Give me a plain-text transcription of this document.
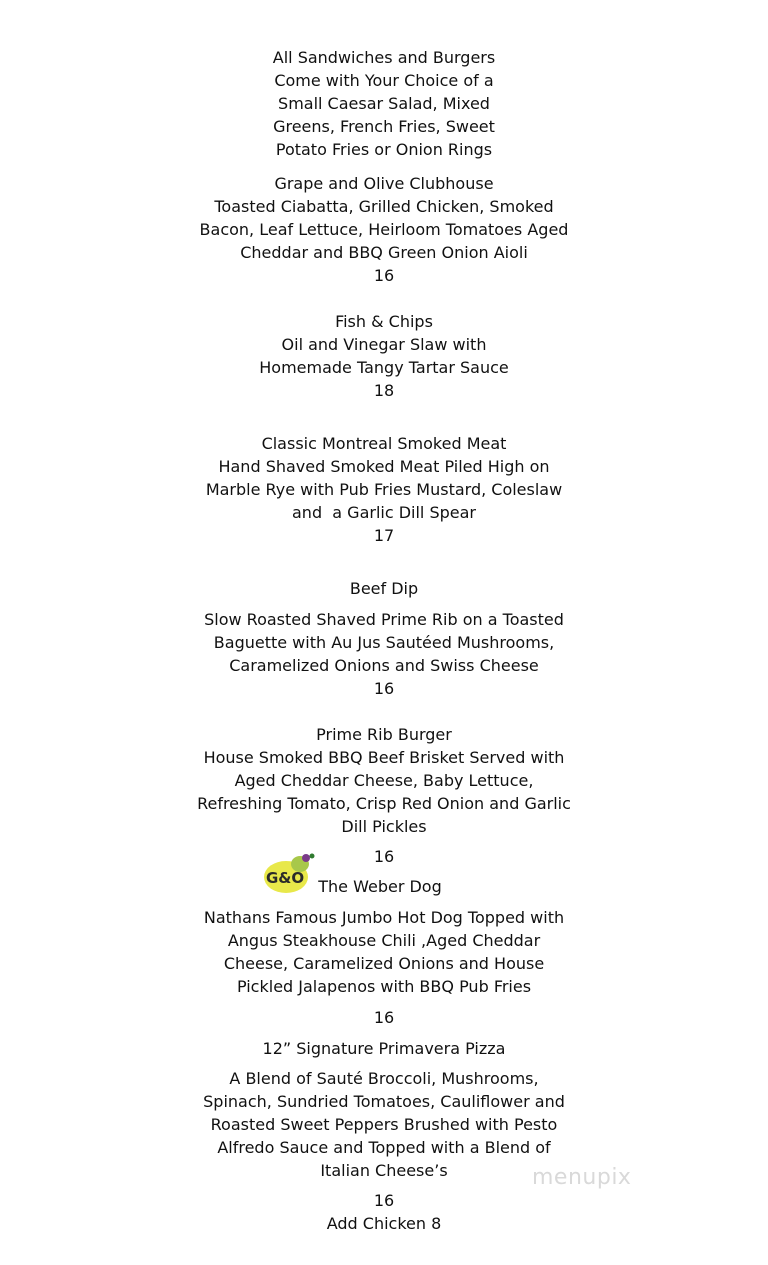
All Sandwiches and Burgers
Come with Your Choice of a
Small Caesar Salad, Mixed
Greens, French Fries, Sweet
Potato Fries or Onion Rings
Grape and Olive Clubhouse
Toasted Ciabatta, Grilled Chicken, Smoked
Bacon, Leaf Lettuce, Heirloom Tomatoes Aged
Cheddar and BBQ Green Onion Aioli
16
Fish & Chips
Oil and Vinegar Slaw with
Homemade Tangy Tartar Sauce
18
Classic Montreal Smoked Meat
Hand Shaved Smoked Meat Piled High on
Marble Rye with Pub Fries Mustard, Coleslaw
and  a Garlic Dill Spear
17
Beef Dip
Slow Roasted Shaved Prime Rib on a Toasted
Baguette with Au Jus Sautéed Mushrooms,
Caramelized Onions and Swiss Cheese
16
Prime Rib Burger
House Smoked BBQ Beef Brisket Served with
Aged Cheddar Cheese, Baby Lettuce,
Refreshing Tomato, Crisp Red Onion and Garlic
Dill Pickles
16
G&O The Weber Dog
Nathans Famous Jumbo Hot Dog Topped with
Angus Steakhouse Chili ,Aged Cheddar
Cheese, Caramelized Onions and House
Pickled Jalapenos with BBQ Pub Fries
16
12” Signature Primavera Pizza
A Blend of Sauté Broccoli, Mushrooms,
Spinach, Sundried Tomatoes, Cauliflower and
Roasted Sweet Peppers Brushed with Pesto
Alfredo Sauce and Topped with a Blend of
Italian Cheese’s
16
Add Chicken 8
menupix
